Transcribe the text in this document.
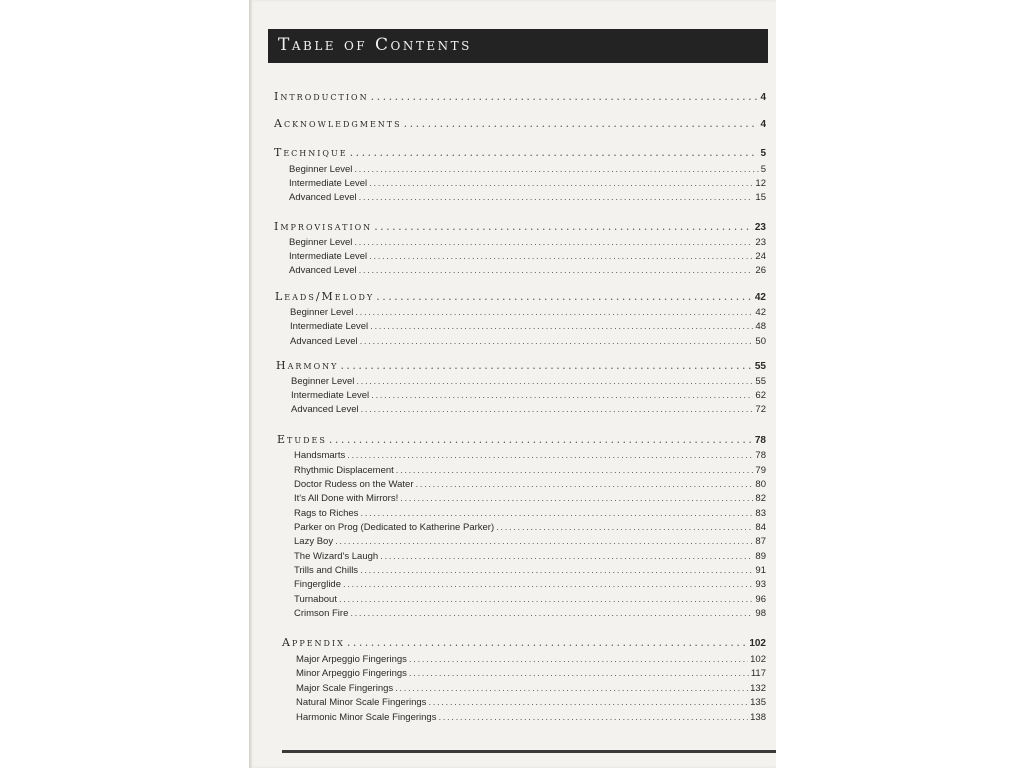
Table of Contents
Introduction . . .	4
Acknowledgments . . .	4
Technique . . .	5
Beginner Level . . .	5
Intermediate Level . . .	12
Advanced Level . . .	15
Improvisation . . .	23
Beginner Level . . .	23
Intermediate Level . . .	24
Advanced Level . . .	26
Leads/Melody . . .	42
Beginner Level . . .	42
Intermediate Level . . .	48
Advanced Level . . .	50
Harmony . . .	55
Beginner Level . . .	55
Intermediate Level . . .	62
Advanced Level . . .	72
Etudes . . .	78
Handsmarts . . .	78
Rhythmic Displacement . . .	79
Doctor Rudess on the Water . . .	80
It's All Done with Mirrors! . . .	82
Rags to Riches . . .	83
Parker on Prog (Dedicated to Katherine Parker) . . .	84
Lazy Boy . . .	87
The Wizard's Laugh . . .	89
Trills and Chills . . .	91
Fingerglide . . .	93
Turnabout . . .	96
Crimson Fire . . .	98
Appendix . . .	102
Major Arpeggio Fingerings . . .	102
Minor Arpeggio Fingerings . . .	117
Major Scale Fingerings . . .	132
Natural Minor Scale Fingerings . . .	135
Harmonic Minor Scale Fingerings . . .	138
